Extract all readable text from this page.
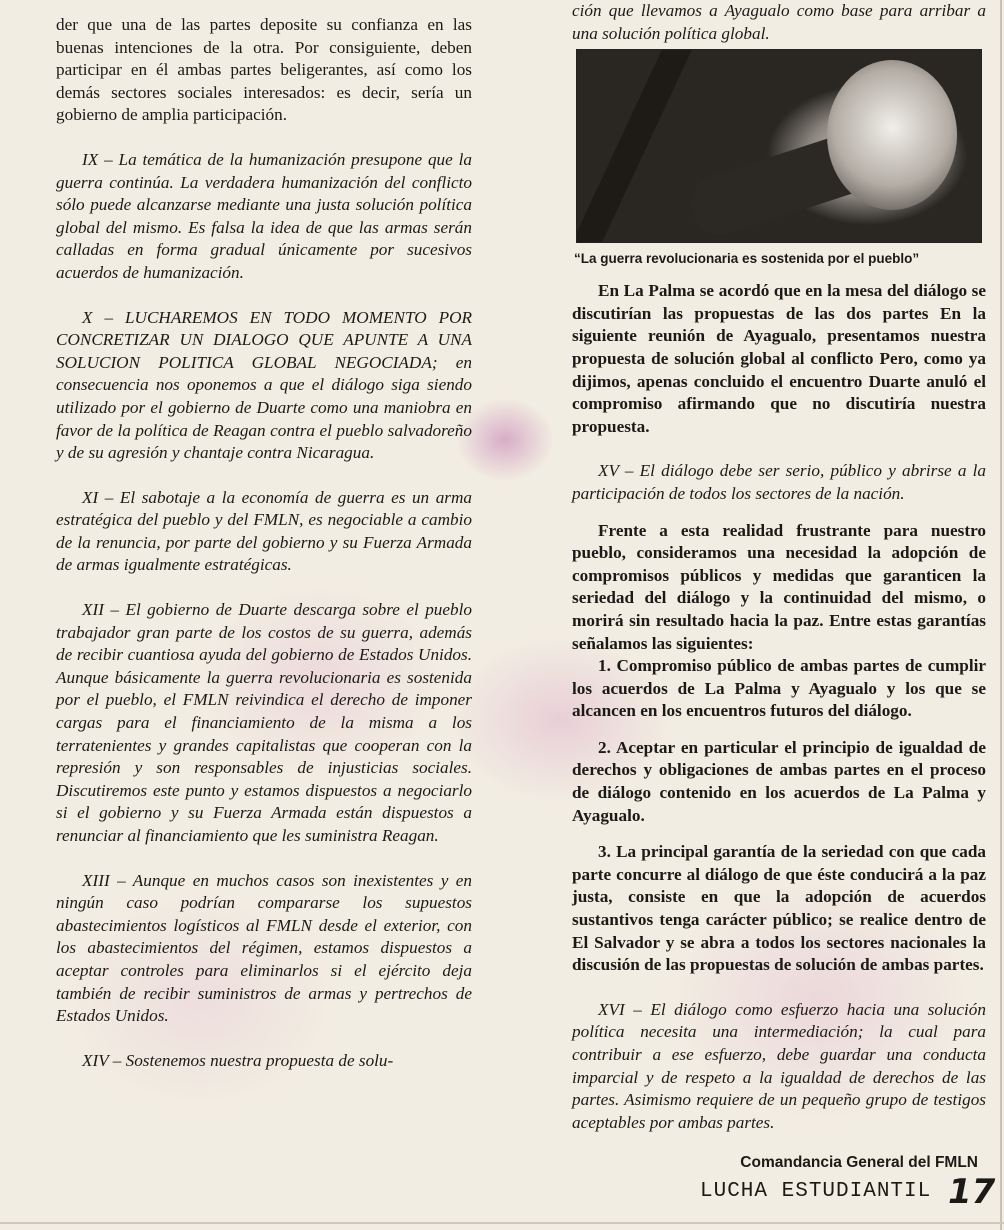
der que una de las partes deposite su confianza en las buenas intenciones de la otra. Por consiguiente, deben participar en él ambas partes beligerantes, así como los demás sectores sociales interesados: es decir, sería un gobierno de amplia participación.

IX – La temática de la humanización presupone que la guerra continúa. La verdadera humanización del conflicto sólo puede alcanzarse mediante una justa solución política global del mismo. Es falsa la idea de que las armas serán calladas en forma gradual únicamente por sucesivos acuerdos de humanización.

X – LUCHAREMOS EN TODO MOMENTO POR CONCRETIZAR UN DIALOGO QUE APUNTE A UNA SOLUCION POLITICA GLOBAL NEGOCIADA; en consecuencia nos oponemos a que el diálogo siga siendo utilizado por el gobierno de Duarte como una maniobra en favor de la política de Reagan contra el pueblo salvadoreño y de su agresión y chantaje contra Nicaragua.

XI – El sabotaje a la economía de guerra es un arma estratégica del pueblo y del FMLN, es negociable a cambio de la renuncia, por parte del gobierno y su Fuerza Armada de armas igualmente estratégicas.

XII – El gobierno de Duarte descarga sobre el pueblo trabajador gran parte de los costos de su guerra, además de recibir cuantiosa ayuda del gobierno de Estados Unidos. Aunque básicamente la guerra revolucionaria es sostenida por el pueblo, el FMLN reivindica el derecho de imponer cargas para el financiamiento de la misma a los terratenientes y grandes capitalistas que cooperan con la represión y son responsables de injusticias sociales. Discutiremos este punto y estamos dispuestos a negociarlo si el gobierno y su Fuerza Armada están dispuestos a renunciar al financiamiento que les suministra Reagan.

XIII – Aunque en muchos casos son inexistentes y en ningún caso podrían compararse los supuestos abastecimientos logísticos al FMLN desde el exterior, con los abastecimientos del régimen, estamos dispuestos a aceptar controles para eliminarlos si el ejército deja también de recibir suministros de armas y pertrechos de Estados Unidos.

XIV – Sostenemos nuestra propuesta de solu-

ción que llevamos a Ayagualo como base para arribar a una solución política global.

“La guerra revolucionaria es sostenida por el pueblo”

En La Palma se acordó que en la mesa del diálogo se discutirían las propuestas de las dos partes En la siguiente reunión de Ayagualo, presentamos nuestra propuesta de solución global al conflicto Pero, como ya dijimos, apenas concluido el encuentro Duarte anuló el compromiso afirmando que no discutiría nuestra propuesta.

XV – El diálogo debe ser serio, público y abrirse a la participación de todos los sectores de la nación.

Frente a esta realidad frustrante para nuestro pueblo, consideramos una necesidad la adopción de compromisos públicos y medidas que garanticen la seriedad del diálogo y la continuidad del mismo, o morirá sin resultado hacia la paz. Entre estas garantías señalamos las siguientes:

1. Compromiso público de ambas partes de cumplir los acuerdos de La Palma y Ayagualo y los que se alcancen en los encuentros futuros del diálogo.

2. Aceptar en particular el principio de igualdad de derechos y obligaciones de ambas partes en el proceso de diálogo contenido en los acuerdos de La Palma y Ayagualo.

3. La principal garantía de la seriedad con que cada parte concurre al diálogo de que éste conducirá a la paz justa, consiste en que la adopción de acuerdos sustantivos tenga carácter público; se realice dentro de El Salvador y se abra a todos los sectores nacionales la discusión de las propuestas de solución de ambas partes.

XVI – El diálogo como esfuerzo hacia una solución política necesita una intermediación; la cual para contribuir a ese esfuerzo, debe guardar una conducta imparcial y de respeto a la igualdad de derechos de las partes. Asimismo requiere de un pequeño grupo de testigos aceptables por ambas partes.

Comandancia General del FMLN
LUCHA ESTUDIANTIL 17
